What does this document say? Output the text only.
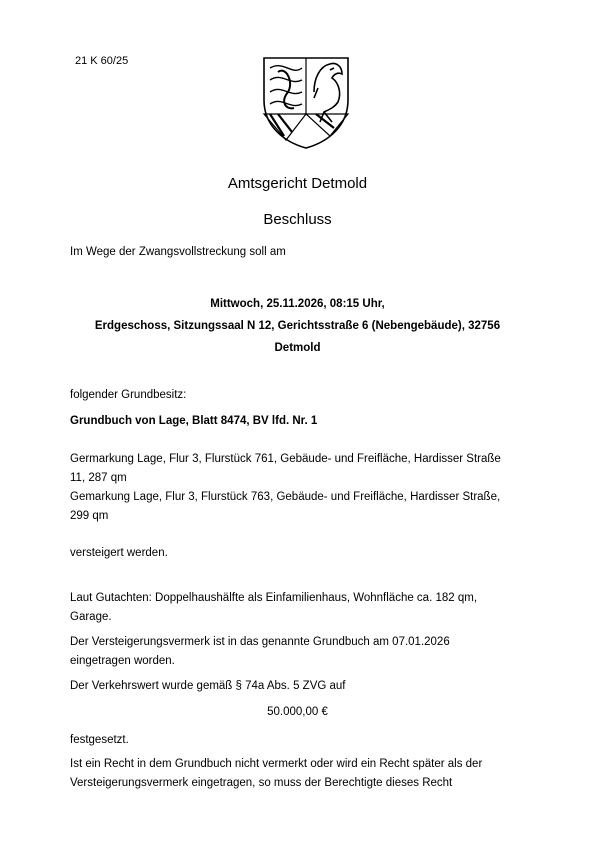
21 K 60/25
Amtsgericht Detmold
Beschluss
Im Wege der Zwangsvollstreckung soll am
Mittwoch, 25.11.2026, 08:15 Uhr,
Erdgeschoss, Sitzungssaal N 12, Gerichtsstraße 6 (Nebengebäude), 32756
Detmold
folgender Grundbesitz:
Grundbuch von Lage, Blatt 8474, BV lfd. Nr. 1
Germarkung Lage, Flur 3, Flurstück 761, Gebäude- und Freifläche, Hardisser Straße
11, 287 qm
Gemarkung Lage, Flur 3, Flurstück 763, Gebäude- und Freifläche, Hardisser Straße,
299 qm
versteigert werden.
Laut Gutachten: Doppelhaushälfte als Einfamilienhaus, Wohnfläche ca. 182 qm,
Garage.
Der Versteigerungsvermerk ist in das genannte Grundbuch am 07.01.2026
eingetragen worden.
Der Verkehrswert wurde gemäß § 74a Abs. 5 ZVG auf
50.000,00 €
festgesetzt.
Ist ein Recht in dem Grundbuch nicht vermerkt oder wird ein Recht später als der
Versteigerungsvermerk eingetragen, so muss der Berechtigte dieses Recht
